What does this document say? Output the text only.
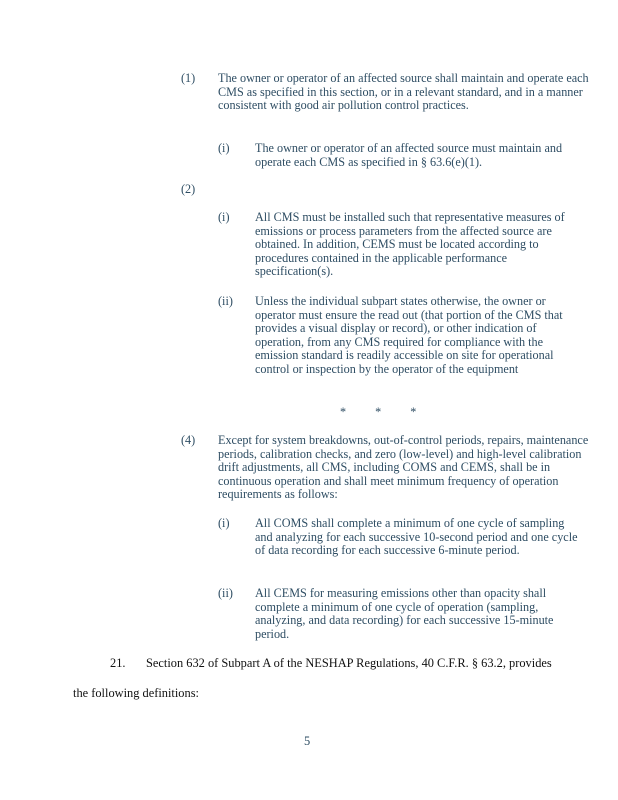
(1) The owner or operator of an affected source shall maintain and operate each CMS as specified in this section, or in a relevant standard, and in a manner consistent with good air pollution control practices.
(i) The owner or operator of an affected source must maintain and operate each CMS as specified in § 63.6(e)(1).
(2)
(i) All CMS must be installed such that representative measures of emissions or process parameters from the affected source are obtained. In addition, CEMS must be located according to procedures contained in the applicable performance specification(s).
(ii) Unless the individual subpart states otherwise, the owner or operator must ensure the read out (that portion of the CMS that provides a visual display or record), or other indication of operation, from any CMS required for compliance with the emission standard is readily accessible on site for operational control or inspection by the operator of the equipment
* * *
(4) Except for system breakdowns, out-of-control periods, repairs, maintenance periods, calibration checks, and zero (low-level) and high-level calibration drift adjustments, all CMS, including COMS and CEMS, shall be in continuous operation and shall meet minimum frequency of operation requirements as follows:
(i) All COMS shall complete a minimum of one cycle of sampling and analyzing for each successive 10-second period and one cycle of data recording for each successive 6-minute period.
(ii) All CEMS for measuring emissions other than opacity shall complete a minimum of one cycle of operation (sampling, analyzing, and data recording) for each successive 15-minute period.
21. Section 632 of Subpart A of the NESHAP Regulations, 40 C.F.R. § 63.2, provides
the following definitions:
5
